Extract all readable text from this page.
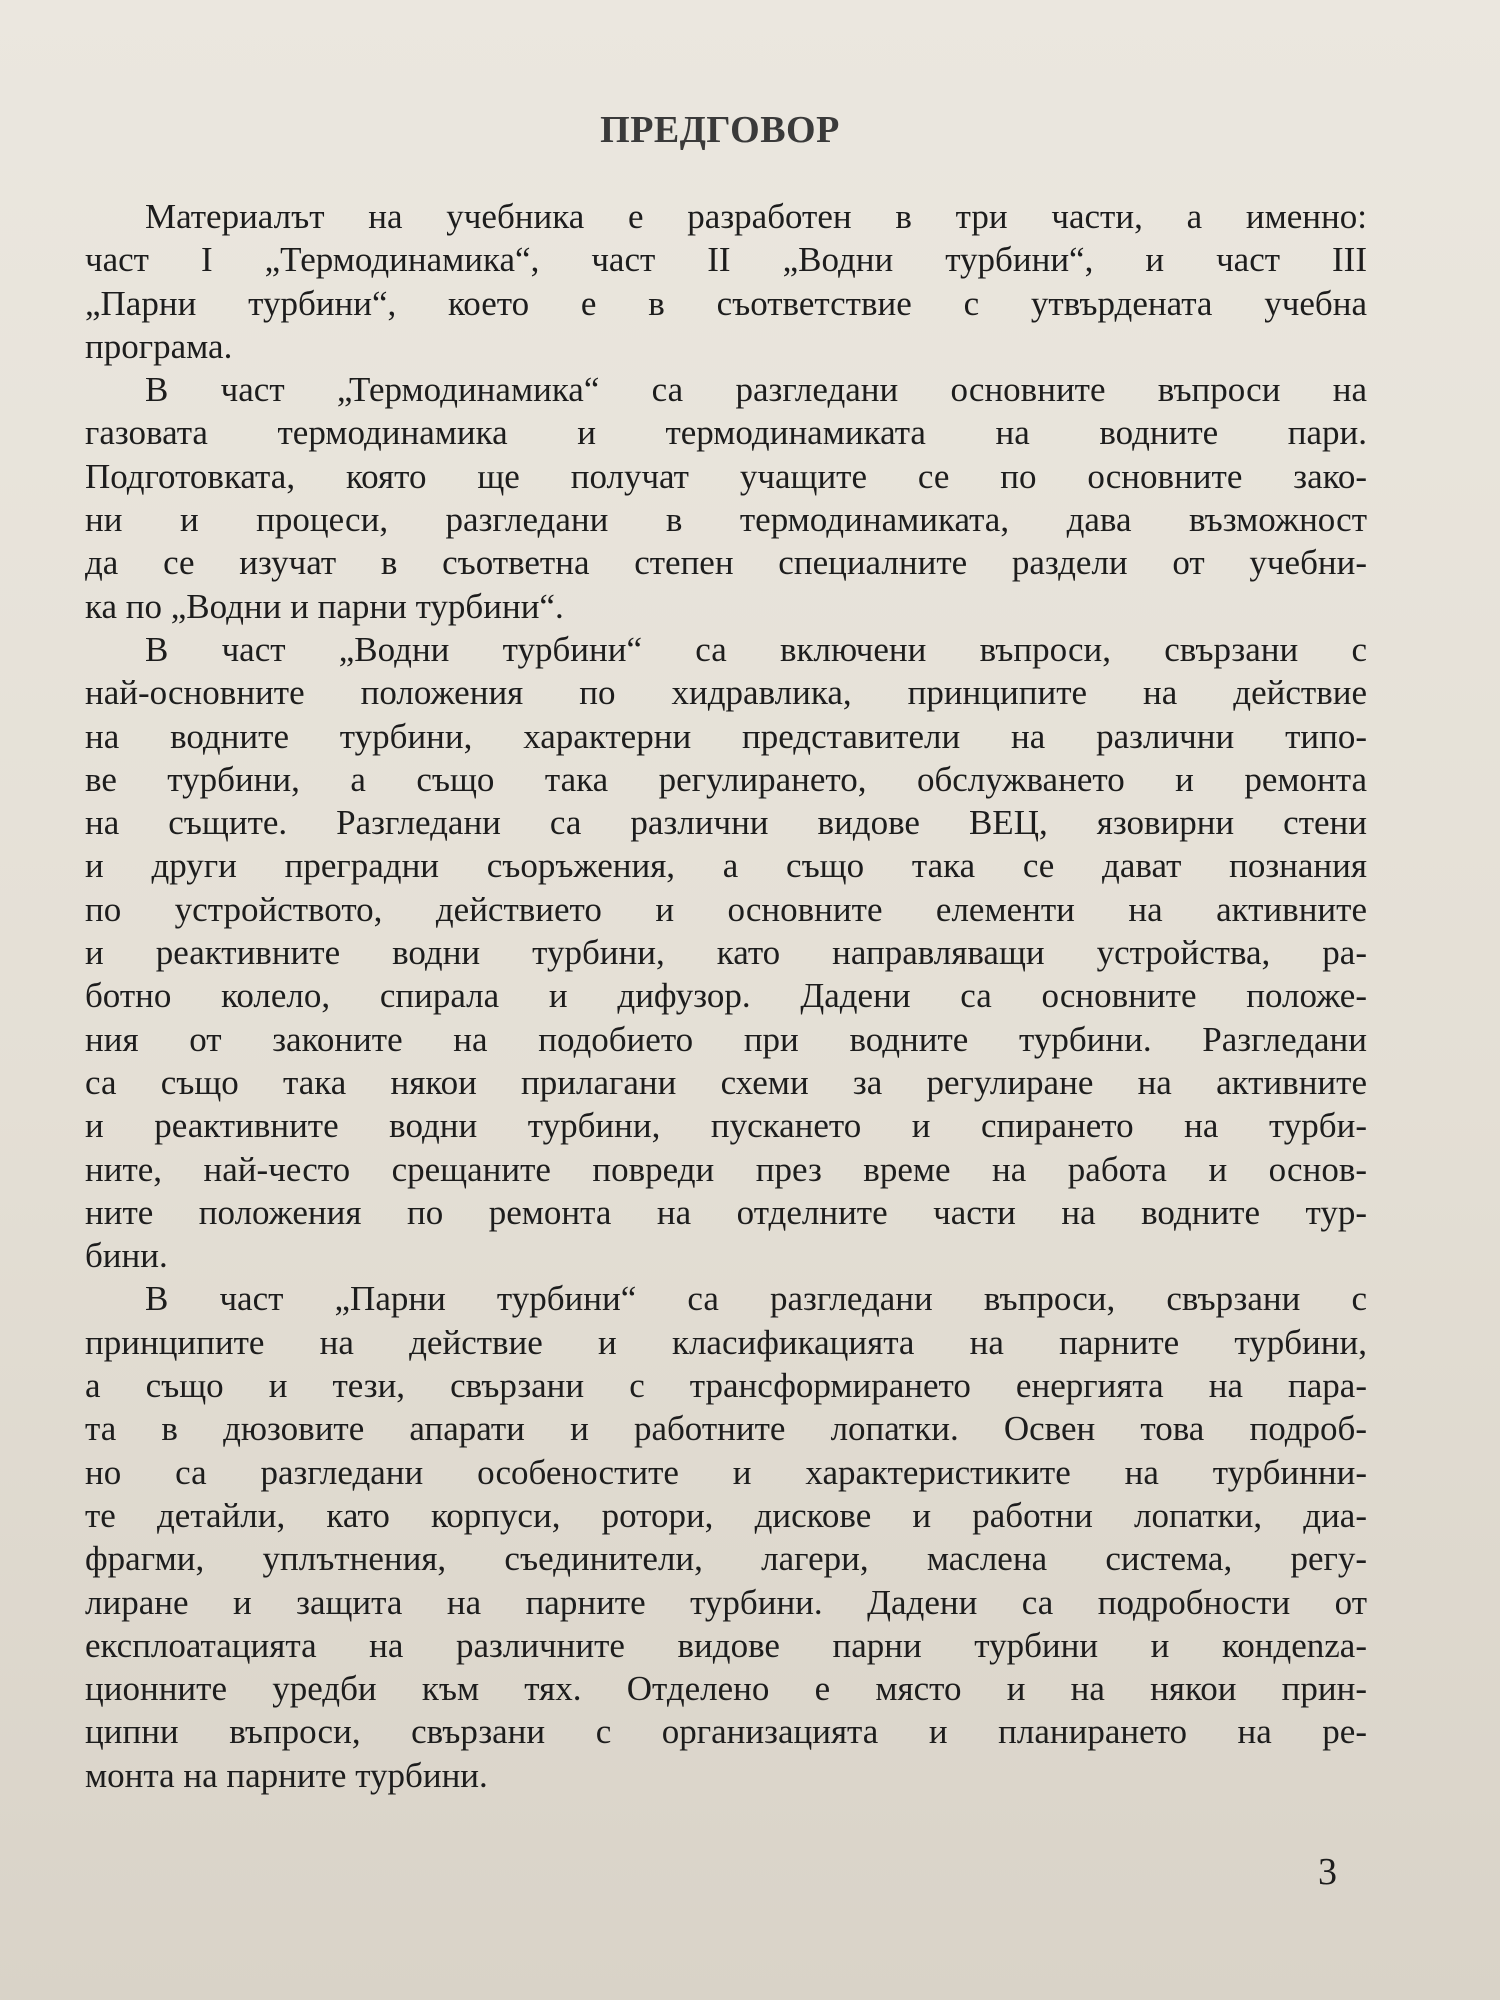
ПРЕДГОВОР
Материалът на учебника е разработен в три части, а именно:
част I „Термодинамика“, част II „Водни турбини“, и част III
„Парни турбини“, което е в съответствие с утвърдената учебна
програма.
В част „Термодинамика“ са разгледани основните въпроси на
газовата термодинамика и термодинамиката на водните пари.
Подготовката, която ще получат учащите се по основните зако-
ни и процеси, разгледани в термодинамиката, дава възможност
да се изучат в съответна степен специалните раздели от учебни-
ка по „Водни и парни турбини“.
В част „Водни турбини“ са включени въпроси, свързани с
най-основните положения по хидравлика, принципите на действие
на водните турбини, характерни представители на различни типо-
ве турбини, а също така регулирането, обслужването и ремонта
на същите. Разгледани са различни видове ВЕЦ, язовирни стени
и други преградни съоръжения, а също така се дават познания
по устройството, действието и основните елементи на активните
и реактивните водни турбини, като направляващи устройства, ра-
ботно колело, спирала и дифузор. Дадени са основните положе-
ния от законите на подобието при водните турбини. Разгледани
са също така някои прилагани схеми за регулиране на активните
и реактивните водни турбини, пускането и спирането на турби-
ните, най-често срещаните повреди през време на работа и основ-
ните положения по ремонта на отделните части на водните тур-
бини.
В част „Парни турбини“ са разгледани въпроси, свързани с
принципите на действие и класификацията на парните турбини,
а също и тези, свързани с трансформирането енергията на пара-
та в дюзовите апарати и работните лопатки. Освен това подроб-
но са разгледани особеностите и характеристиките на турбинни-
те детайли, като корпуси, ротори, дискове и работни лопатки, диа-
фрагми, уплътнения, съединители, лагери, маслена система, регу-
лиране и защита на парните турбини. Дадени са подробности от
експлоатацията на различните видове парни турбини и кондenza-
ционните уредби към тях. Отделено е място и на някои прин-
ципни въпроси, свързани с организацията и планирането на ре-
монта на парните турбини.
3
